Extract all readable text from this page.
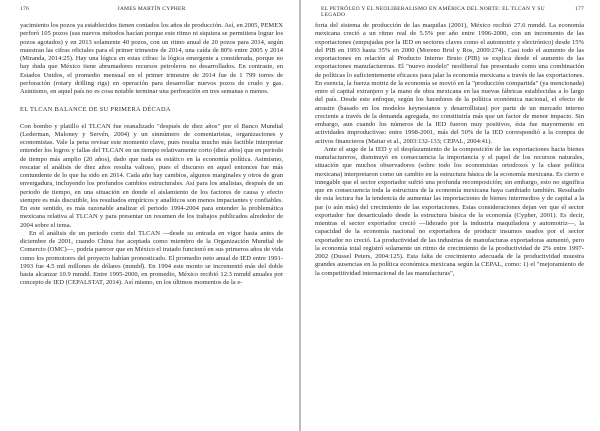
176	JAMES MARTÍN CYPHER

yacimiento los pozos ya establecidos tienen contados los años de producción. Así, en 2005, PEMEX perforó 105 pozos (sus nuevos métodos hacían porque este ritmo ni siquiera se permitiera lograr los pozos agotados) y en 2013 solamente 40 pozos, con un ritmo anual de 20 pozos para 2014, según muestran las cifras oficiales para el primer trimestre de 2014, una caída de 80% entre 2005 y 2014 (Miranda, 2014:25). Hay una lógica en estas cifras: la lógica emergente a considerada, porque no hay duda que México tiene abrumadores recursos petroleros no desarrollados. En contraste, en Estados Unidos, el promedio mensual en el primer trimestre de 2014 fue de 1 799 torres de perforación (rotary drilling rigs) en operación para desarrollar nuevos pozos de crudo y gas. Asimismo, en aquel país no es cosa notable terminar una perforación en tres semanas o menos.

EL TLCAN BALANCE DE SU PRIMERA DÉCADA

Con bombo y platillo el TLCAN fue reanalizado "después de diez años" por el Banco Mundial (Lederman, Maloney y Servén, 2004) y un sinnúmero de comentaristas, organizaciones y economistas. Vale la pena revisar este momento clave, pues resulta mucho más factible interpretar entender los logros y fallas del TLCAN en un tiempo relativamente corto (diez años) que en periodo de tiempo más amplio (20 años), dado que nada es estático en la economía política. Asimismo, rescatar el análisis de diez años resulta valioso, pues el discurso en aquel entonces fue más contundente de lo que ha sido en 2014. Cada año hay cambios, algunos marginales y otros de gran envergadura, incluyendo los profundos cambios estructurales. Así para los analistas, después de un periodo de tiempo, en una situación en donde el aislamiento de los factores de causa y efecto siempre es más discutible, los resultados empíricos y analíticos son menos impactantes y confiables. En este sentido, es más razonable analizar el periodo 1994-2004 para entender la problemática mexicana relativa al TLCAN y para presentar un resumen de los trabajos publicados alrededor de 2004 sobre el tema.

En el análisis de un periodo corto del TLCAN —desde su entrada en vigor hasta antes de diciembre de 2001, cuando China fue aceptada como miembro de la Organización Mundial de Comercio (OMC)—, podría parecer que en México el tratado funcionó en sus primeros años de vida como los promotores del proyecto habían pronosticado. El promedio neto anual de IED entre 1991-1993 fue 4.5 mil millones de dólares (mmdd). En 1994 este monto se incrementó más del doble hasta alcanzar 10.9 mmdd. Entre 1995-2000, en promedio, México recibió 12.3 mmdd anuales por concepto de IED (CEPALSTAT, 2014). Así mismo, en los últimos momentos de la e-

EL PETRÓLEO Y EL NEOLIBERALISMO EN AMÉRICA DEL NORTE: EL TLCAN Y SU LEGADO
177

forta del sistema de producción de las maquilas (2001), México recibió 27.6 mmdd. La economía mexicana creció a un ritmo real de 5.5% por año entre 1996-2000, con un incremento de las exportaciones (empujadas por la IED en sectores claves como el automotriz y electrónico) desde 15% del PIB en 1993 hasta 35% en 2000 (Moreno Brid y Ros, 2009:274). Casi todo el aumento de las exportaciones en relación al Producto Interno Bruto (PIB) se explica desde el aumento de las exportaciones manufactureras. El "nuevo modelo" neoliberal fue presentado como una combinación de políticas lo suficientemente eficaces para jalar la economía mexicana a través de las exportaciones. En esencia, la fuerza motriz de la economía se movió en la "producción compartida" (ya mencionada) entre el capital extranjero y la mano de obra mexicana en las nuevas fábricas establecidas a lo largo del país. Desde este enfoque, según los hacedores de la política económica nacional, el efecto de arrastre (basado en los modelos keynesianos y desarrollistas) por parte de un mercado interno creciente a través de la demanda agregada, no constituiría más que un factor de menor impacto. Sin embargo, aun cuando los números de la IED fueron muy positivos, ésta fue mayormente en actividades improductivas: entre 1998-2001, más del 50% de la IED correspondió a la compra de activos financieros (Mattar et al., 2003:132-133; CEPAL, 2004:41).

Ante el auge de la IED y el desplazamiento de la composición de las exportaciones hacia bienes manufactureros, disminuyó en consecuencia la importancia y el papel de los recursos naturales, situación que muchos observadores (sobre todo los economistas ortodoxos y la clase política mexicana) interpretaron como un cambio en la estructura básica de la economía mexicana. Es cierto e innegable que el sector exportador sufrió una profunda recomposición; sin embargo, esto no significa que en consecuencia toda la estructura de la economía mexicana haya cambiado también. Resultado de esta lectura fue la tendencia de aumentar las importaciones de bienes intermedios y de capital a la par (o aún más) del crecimiento de las exportaciones. Estas consideraciones dejan ver que el sector exportador fue desarticulado desde la estructura básica de la economía (Cypher, 2001). Es decir, mientras el sector exportador creció —liderado por la industria maquiladora y automotriz—, la capacidad de la economía nacional no exportadora de producir insumos usados por el sector exportador no creció. La productividad de las industrias de manufacturas exportadoras aumentó, pero la economía total registró solamente un ritmo de crecimiento de la productividad de 2% entre 1997-2002 (Dussel Peters, 2004:125). Esta falta de crecimiento adecuada de la productividad muestra grandes ausencias en la política económica mexicana según la CEPAL, como: 1) el "mejoramiento de la competitividad internacional de las manufacturas",
